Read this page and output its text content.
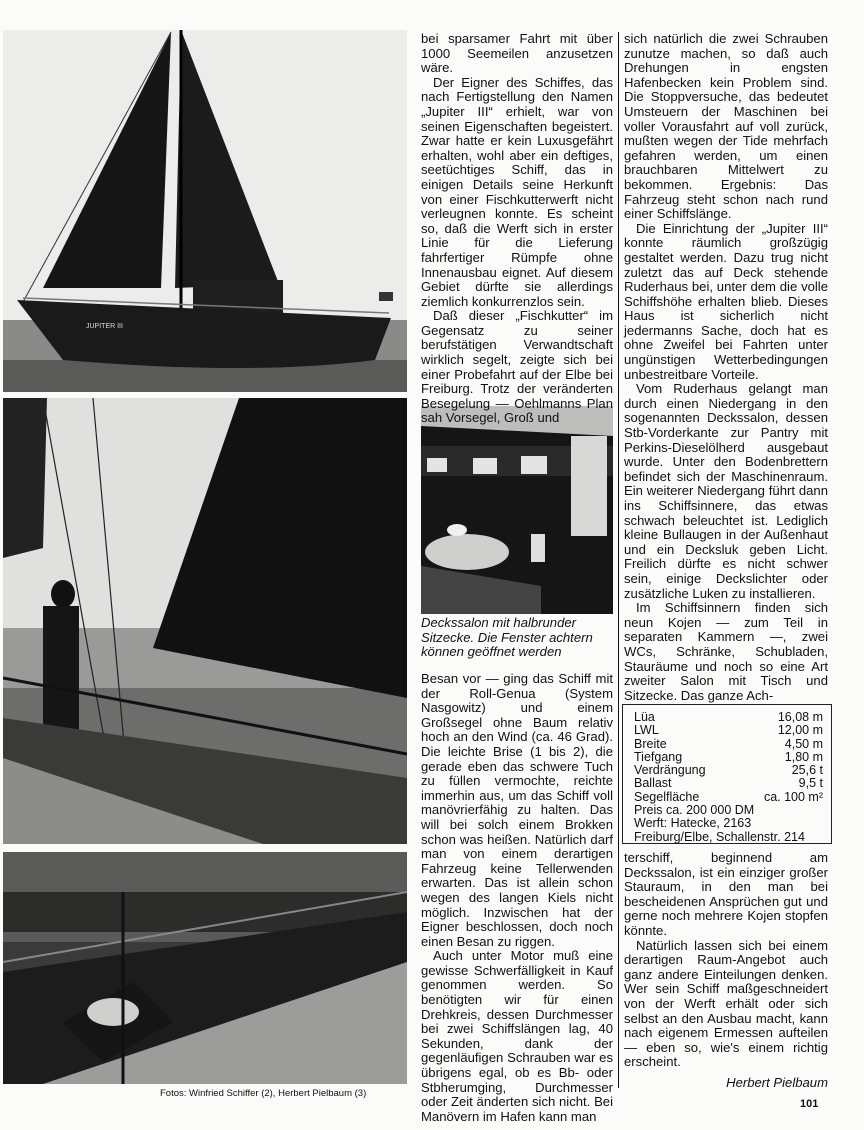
JUPITER III

bei sparsamer Fahrt mit über 1000 Seemeilen anzusetzen wäre.

Der Eigner des Schiffes, das nach Fertigstellung den Namen „Jupiter III“ erhielt, war von seinen Eigenschaften begeistert. Zwar hatte er kein Luxusgefährt erhalten, wohl aber ein deftiges, seetüchtiges Schiff, das in einigen Details seine Herkunft von einer Fischkutterwerft nicht verleugnen konnte. Es scheint so, daß die Werft sich in erster Linie für die Lieferung fahrfertiger Rümpfe ohne Innenausbau eignet. Auf diesem Gebiet dürfte sie allerdings ziemlich konkurrenzlos sein.

Daß dieser „Fischkutter“ im Gegensatz zu seiner berufstätigen Verwandtschaft wirklich segelt, zeigte sich bei einer Probefahrt auf der Elbe bei Freiburg. Trotz der veränderten Besegelung — Oehlmanns Plan sah Vorsegel, Groß und

Deckssalon mit halbrunder Sitzecke. Die Fenster achtern können geöffnet werden

Besan vor — ging das Schiff mit der Roll-Genua (System Nasgowitz) und einem Großsegel ohne Baum relativ hoch an den Wind (ca. 46 Grad). Die leichte Brise (1 bis 2), die gerade eben das schwere Tuch zu füllen vermochte, reichte immerhin aus, um das Schiff voll manövrierfähig zu halten. Das will bei solch einem Brokken schon was heißen. Natürlich darf man von einem derartigen Fahrzeug keine Tellerwenden erwarten. Das ist allein schon wegen des langen Kiels nicht möglich. Inzwischen hat der Eigner beschlossen, doch noch einen Besan zu riggen.

Auch unter Motor muß eine gewisse Schwerfälligkeit in Kauf genommen werden. So benötigten wir für einen Drehkreis, dessen Durchmesser bei zwei Schiffslängen lag, 40 Sekunden, dank der gegenläufigen Schrauben war es übrigens egal, ob es Bb- oder Stbherumging, Durchmesser oder Zeit änderten sich nicht. Bei Manövern im Hafen kann man

sich natürlich die zwei Schrauben zunutze machen, so daß auch Drehungen in engsten Hafenbecken kein Problem sind. Die Stoppversuche, das bedeutet Umsteuern der Maschinen bei voller Vorausfahrt auf voll zurück, mußten wegen der Tide mehrfach gefahren werden, um einen brauchbaren Mittelwert zu bekommen. Ergebnis: Das Fahrzeug steht schon nach rund einer Schiffslänge.

Die Einrichtung der „Jupiter III“ konnte räumlich großzügig gestaltet werden. Dazu trug nicht zuletzt das auf Deck stehende Ruderhaus bei, unter dem die volle Schiffshöhe erhalten blieb. Dieses Haus ist sicherlich nicht jedermanns Sache, doch hat es ohne Zweifel bei Fahrten unter ungünstigen Wetterbedingungen unbestreitbare Vorteile.

Vom Ruderhaus gelangt man durch einen Niedergang in den sogenannten Deckssalon, dessen Stb-Vorderkante zur Pantry mit Perkins-Dieselölherd ausgebaut wurde. Unter den Bodenbrettern befindet sich der Maschinenraum. Ein weiterer Niedergang führt dann ins Schiffsinnere, das etwas schwach beleuchtet ist. Lediglich kleine Bullaugen in der Außenhaut und ein Decksluk geben Licht. Freilich dürfte es nicht schwer sein, einige Deckslichter oder zusätzliche Luken zu installieren.

Im Schiffsinnern finden sich neun Kojen — zum Teil in separaten Kammern —, zwei WCs, Schränke, Schubladen, Stauräume und noch so eine Art zweiter Salon mit Tisch und Sitzecke. Das ganze Ach-

Lüa	16,08 m
LWL	12,00 m
Breite	4,50 m
Tiefgang	1,80 m
Verdrängung	25,6 t
Ballast	9,5 t
Segelfläche	ca. 100 m²
Preis ca. 200 000 DM
Werft: Hatecke, 2163 Freiburg/Elbe, Schallenstr. 214

terschiff, beginnend am Deckssalon, ist ein einziger großer Stauraum, in den man bei bescheidenen Ansprüchen gut und gerne noch mehrere Kojen stopfen könnte.

Natürlich lassen sich bei einem derartigen Raum-Angebot auch ganz andere Einteilungen denken. Wer sein Schiff maßgeschneidert von der Werft erhält oder sich selbst an den Ausbau macht, kann nach eigenem Ermessen aufteilen — eben so, wie's einem richtig erscheint.

Herbert Pielbaum
Fotos: Winfried Schiffer (2), Herbert Pielbaum (3)
101
